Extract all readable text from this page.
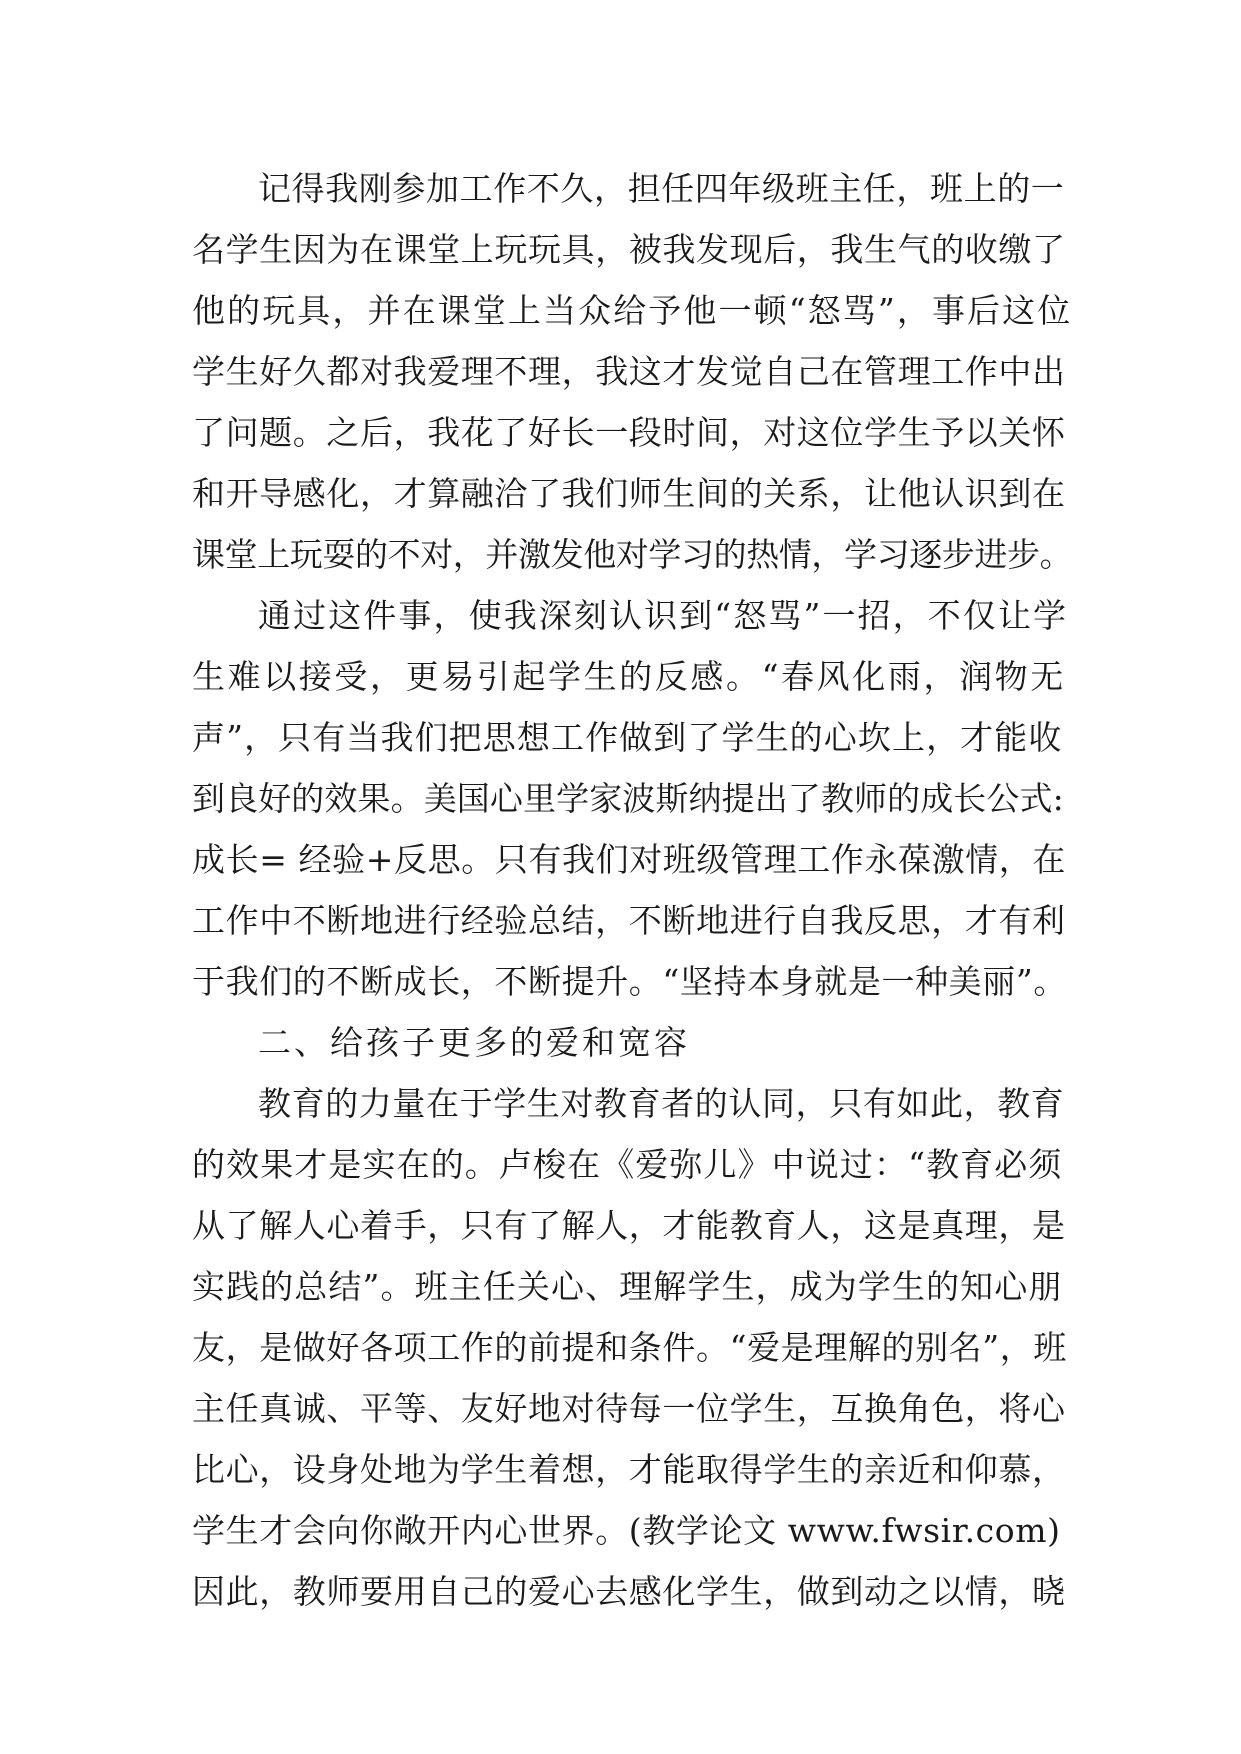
记得我刚参加工作不久，担任四年级班主任，班上的一
名学生因为在课堂上玩玩具，被我发现后，我生气的收缴了
他的玩具，并在课堂上当众给予他一顿“怒骂”，事后这位
学生好久都对我爱理不理，我这才发觉自己在管理工作中出
了问题。之后，我花了好长一段时间，对这位学生予以关怀
和开导感化，才算融洽了我们师生间的关系，让他认识到在
课堂上玩耍的不对，并激发他对学习的热情，学习逐步进步。
通过这件事，使我深刻认识到“怒骂”一招，不仅让学
生难以接受，更易引起学生的反感。“春风化雨，润物无
声”，只有当我们把思想工作做到了学生的心坎上，才能收
到良好的效果。美国心里学家波斯纳提出了教师的成长公式:
成长= 经验+反思。只有我们对班级管理工作永葆激情，在
工作中不断地进行经验总结，不断地进行自我反思，才有利
于我们的不断成长，不断提升。“坚持本身就是一种美丽”。
二、给孩子更多的爱和宽容
教育的力量在于学生对教育者的认同，只有如此，教育
的效果才是实在的。卢梭在《爱弥儿》中说过：“教育必须
从了解人心着手，只有了解人，才能教育人，这是真理，是
实践的总结”。班主任关心、理解学生，成为学生的知心朋
友，是做好各项工作的前提和条件。“爱是理解的别名”，班
主任真诚、平等、友好地对待每一位学生，互换角色，将心
比心，设身处地为学生着想，才能取得学生的亲近和仰慕，
学生才会向你敞开内心世界。(教学论文 www.fwsir.com)
因此，教师要用自己的爱心去感化学生，做到动之以情，晓
